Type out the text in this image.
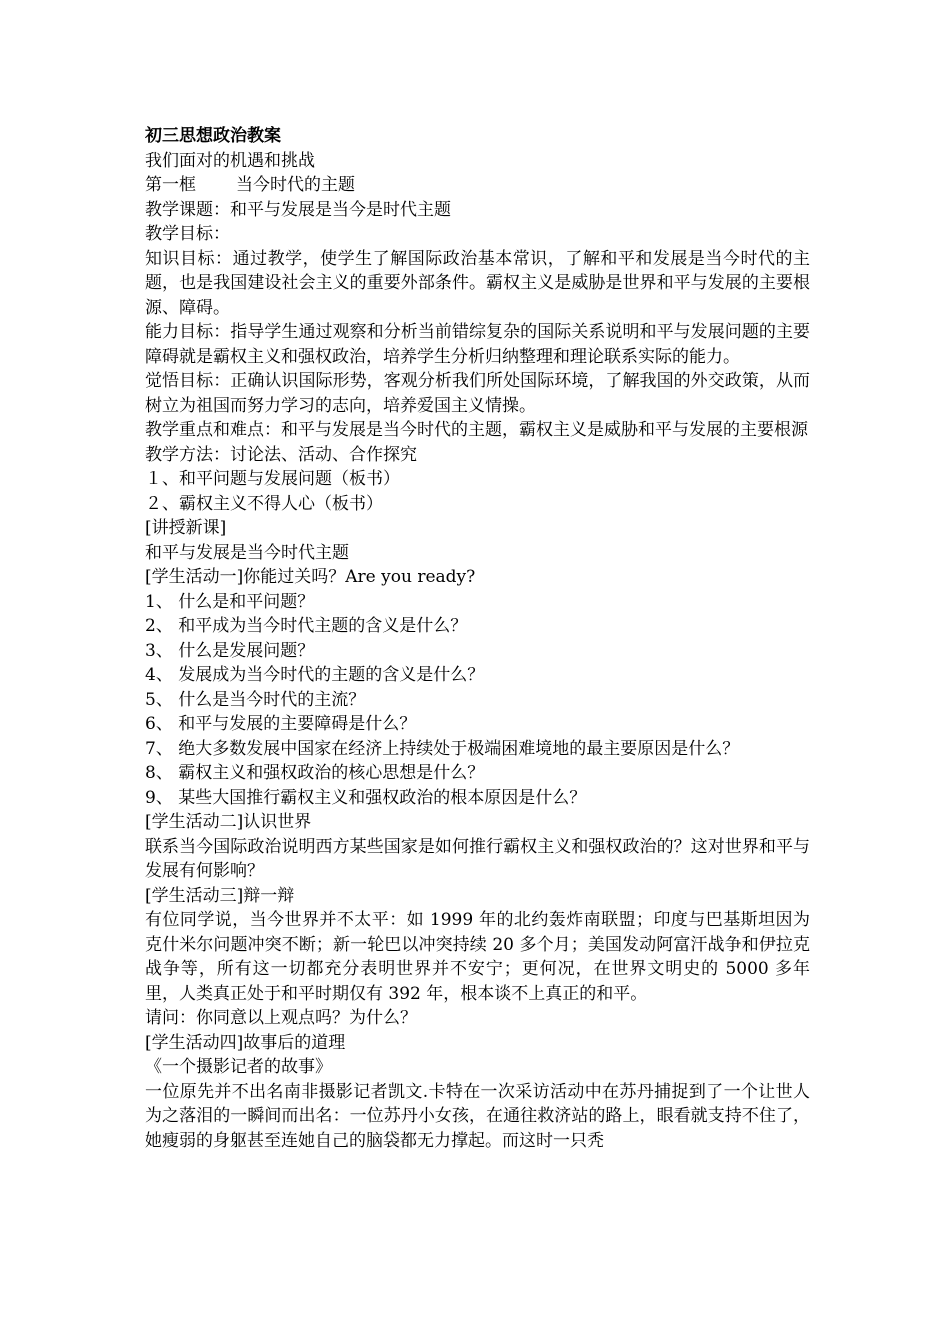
初三思想政治教案

我们面对的机遇和挑战

第一框 当今时代的主题

教学课题：和平与发展是当今是时代主题

教学目标：

知识目标：通过教学，使学生了解国际政治基本常识，了解和平和发展是当今时代的主题，也是我国建设社会主义的重要外部条件。霸权主义是威胁是世界和平与发展的主要根源、障碍。

能力目标：指导学生通过观察和分析当前错综复杂的国际关系说明和平与发展问题的主要障碍就是霸权主义和强权政治，培养学生分析归纳整理和理论联系实际的能力。

觉悟目标：正确认识国际形势，客观分析我们所处国际环境，了解我国的外交政策，从而树立为祖国而努力学习的志向，培养爱国主义情操。

教学重点和难点：和平与发展是当今时代的主题，霸权主义是威胁和平与发展的主要根源

教学方法：讨论法、活动、合作探究

１、和平问题与发展问题（板书）

２、霸权主义不得人心（板书）

[讲授新课]

和平与发展是当今时代主题

[学生活动一]你能过关吗？Are you ready?

1、 什么是和平问题？

2、 和平成为当今时代主题的含义是什么？

3、 什么是发展问题？

4、 发展成为当今时代的主题的含义是什么？

5、 什么是当今时代的主流？

6、 和平与发展的主要障碍是什么？

7、 绝大多数发展中国家在经济上持续处于极端困难境地的最主要原因是什么？

8、 霸权主义和强权政治的核心思想是什么？

9、 某些大国推行霸权主义和强权政治的根本原因是什么？

[学生活动二]认识世界

联系当今国际政治说明西方某些国家是如何推行霸权主义和强权政治的？这对世界和平与发展有何影响？

[学生活动三]辩一辩

有位同学说，当今世界并不太平：如 1999 年的北约轰炸南联盟；印度与巴基斯坦因为克什米尔问题冲突不断；新一轮巴以冲突持续 20 多个月；美国发动阿富汗战争和伊拉克战争等，所有这一切都充分表明世界并不安宁；更何况，在世界文明史的 5000 多年里，人类真正处于和平时期仅有 392 年，根本谈不上真正的和平。

请问：你同意以上观点吗？为什么？

[学生活动四]故事后的道理

《一个摄影记者的故事》

一位原先并不出名南非摄影记者凯文.卡特在一次采访活动中在苏丹捕捉到了一个让世人为之落泪的一瞬间而出名：一位苏丹小女孩，在通往救济站的路上，眼看就支持不住了，她瘦弱的身躯甚至连她自己的脑袋都无力撑起。而这时一只秃
